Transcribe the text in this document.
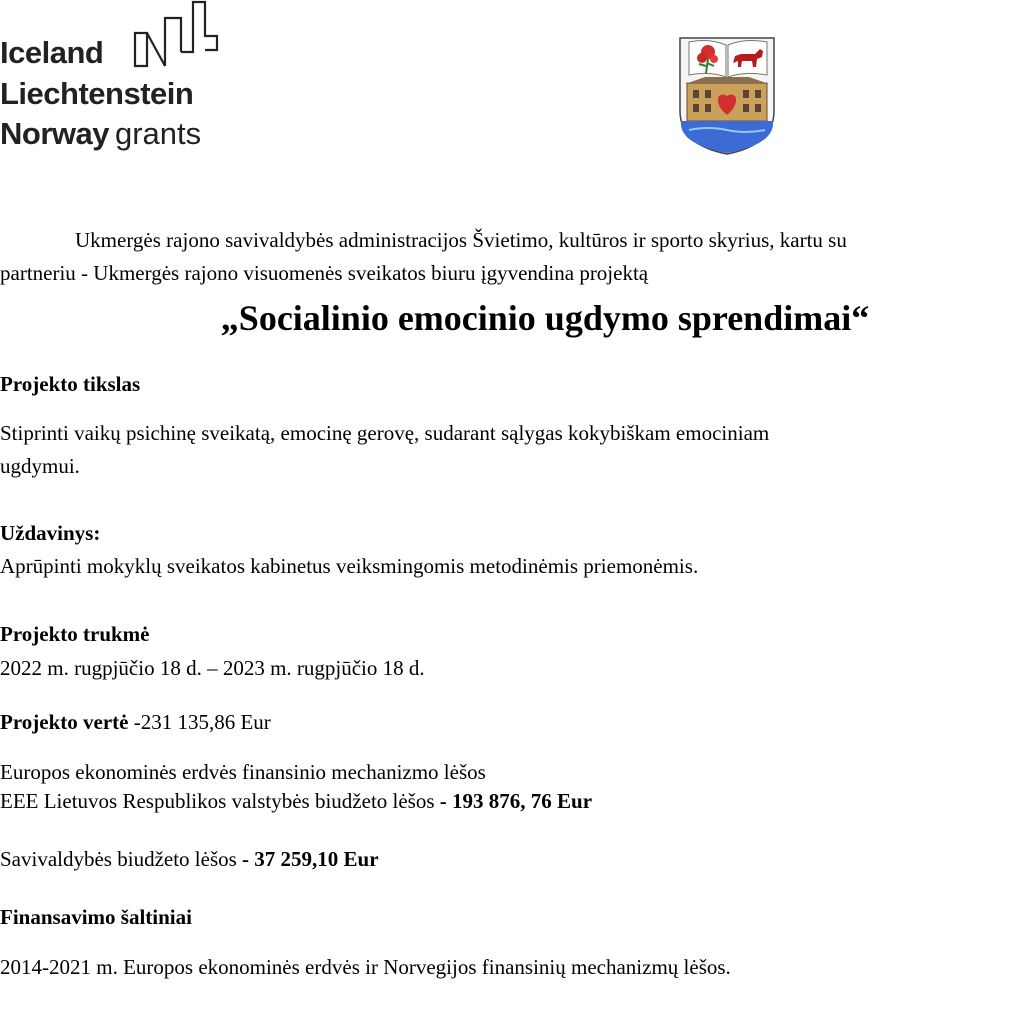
Iceland
Liechtenstein
Norway grants

Ukmergės rajono savivaldybės administracijos Švietimo, kultūros ir sporto skyrius, kartu su

partneriu - Ukmergės rajono visuomenės sveikatos biuru įgyvendina projektą

„Socialinio emocinio ugdymo sprendimai“

Projekto tikslas

Stiprinti vaikų psichinę sveikatą, emocinę gerovę, sudarant sąlygas kokybiškam emociniam

ugdymui.

Uždavinys:

Aprūpinti mokyklų sveikatos kabinetus veiksmingomis metodinėmis priemonėmis.

Projekto trukmė

2022 m. rugpjūčio 18 d. – 2023 m. rugpjūčio 18 d.

Projekto vertė -231 135,86 Eur

Europos ekonominės erdvės finansinio mechanizmo lėšos

EEE Lietuvos Respublikos valstybės biudžeto lėšos - 193 876, 76 Eur

Savivaldybės biudžeto lėšos - 37 259,10 Eur

Finansavimo šaltiniai

2014-2021 m. Europos ekonominės erdvės ir Norvegijos finansinių mechanizmų lėšos.
